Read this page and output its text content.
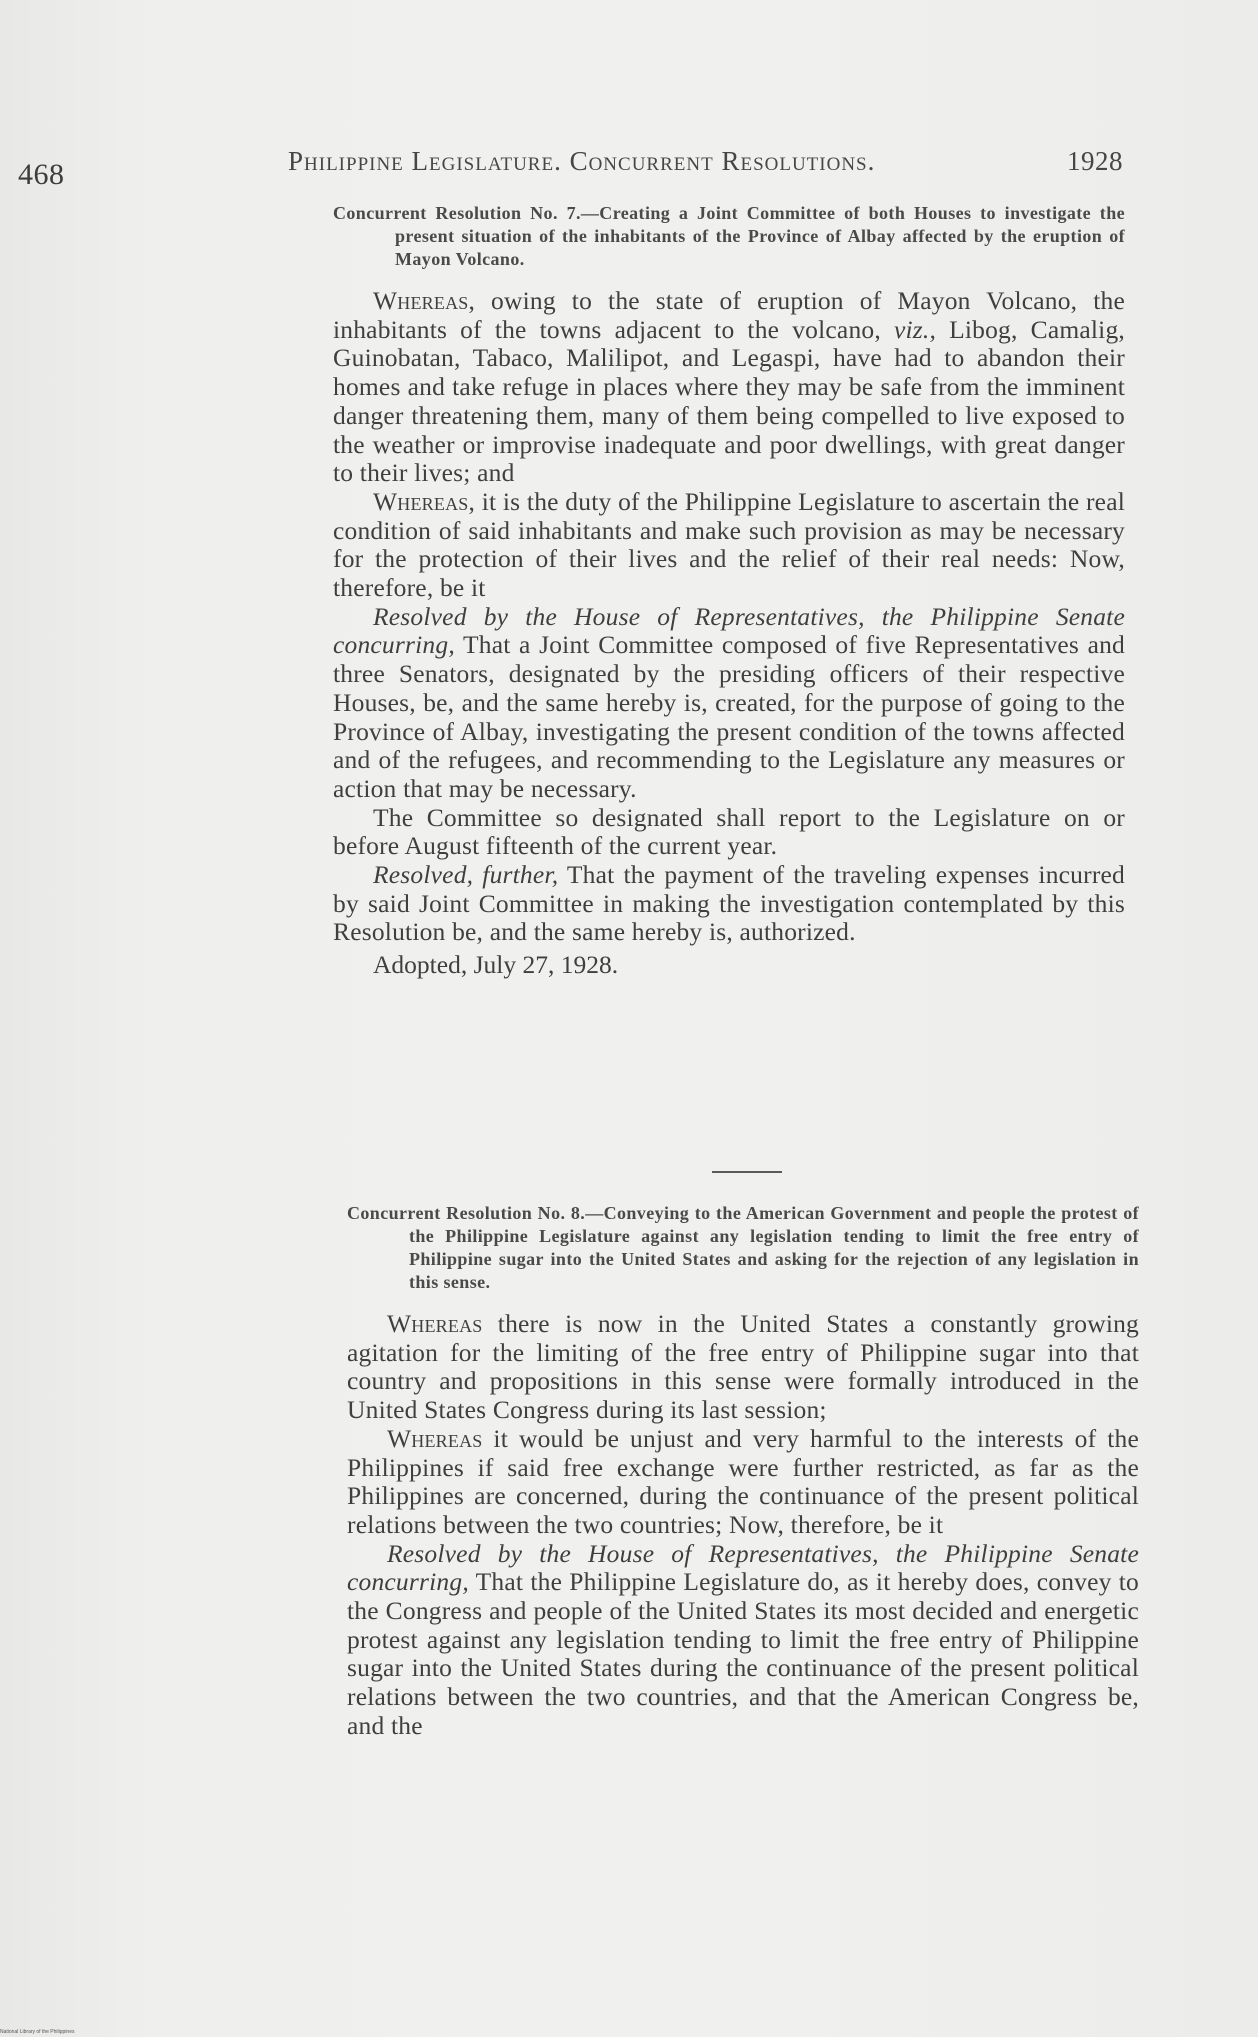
468	Philippine Legislature. Concurrent Resolutions.	1928

Concurrent Resolution No. 7.—Creating a Joint Committee of both Houses to investigate the present situation of the inhabitants of the Province of Albay affected by the eruption of Mayon Volcano.

Whereas, owing to the state of eruption of Mayon Volcano, the inhabitants of the towns adjacent to the volcano, viz., Libog, Camalig, Guinobatan, Tabaco, Malilipot, and Legaspi, have had to abandon their homes and take refuge in places where they may be safe from the imminent danger threatening them, many of them being compelled to live exposed to the weather or improvise inadequate and poor dwellings, with great danger to their lives; and

Whereas, it is the duty of the Philippine Legislature to ascertain the real condition of said inhabitants and make such provision as may be necessary for the protection of their lives and the relief of their real needs: Now, therefore, be it

Resolved by the House of Representatives, the Philippine Senate concurring, That a Joint Committee composed of five Representatives and three Senators, designated by the presiding officers of their respective Houses, be, and the same hereby is, created, for the purpose of going to the Province of Albay, investigating the present condition of the towns affected and of the refugees, and recommending to the Legislature any measures or action that may be necessary.

The Committee so designated shall report to the Legislature on or before August fifteenth of the current year.

Resolved, further, That the payment of the traveling expenses incurred by said Joint Committee in making the investigation contemplated by this Resolution be, and the same hereby is, authorized.

Adopted, July 27, 1928.

Concurrent Resolution No. 8.—Conveying to the American Government and people the protest of the Philippine Legislature against any legislation tending to limit the free entry of Philippine sugar into the United States and asking for the rejection of any legislation in this sense.

Whereas there is now in the United States a constantly growing agitation for the limiting of the free entry of Philippine sugar into that country and propositions in this sense were formally introduced in the United States Congress during its last session;

Whereas it would be unjust and very harmful to the interests of the Philippines if said free exchange were further restricted, as far as the Philippines are concerned, during the continuance of the present political relations between the two countries; Now, therefore, be it

Resolved by the House of Representatives, the Philippine Senate concurring, That the Philippine Legislature do, as it hereby does, convey to the Congress and people of the United States its most decided and energetic protest against any legislation tending to limit the free entry of Philippine sugar into the United States during the continuance of the present political relations between the two countries, and that the American Congress be, and the

National Library of the Philippines
